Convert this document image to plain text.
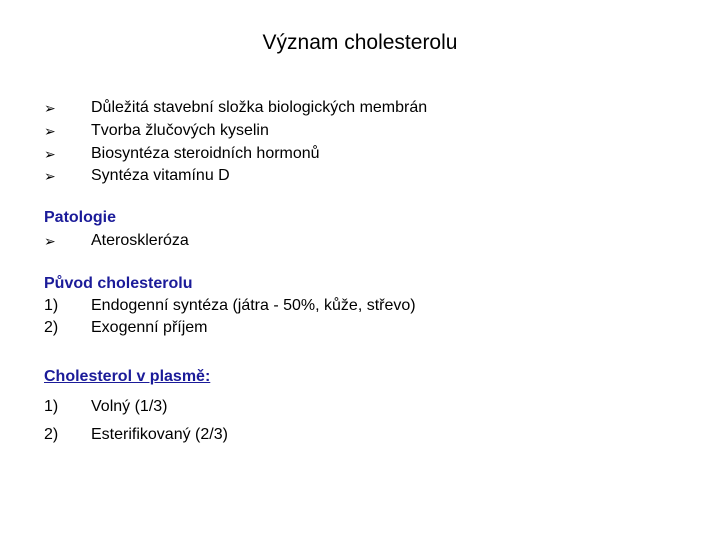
Význam cholesterolu
➢	Důležitá stavební složka biologických membrán
➢	Tvorba žlučových kyselin
➢	Biosyntéza steroidních hormonů
➢	Syntéza vitamínu D
Patologie
➢	Ateroskleróza
Původ cholesterolu
1)	Endogenní syntéza (játra - 50%, kůže, střevo)
2)	Exogenní příjem
Cholesterol v plasmě:
1)	Volný (1/3)
2)	Esterifikovaný (2/3)
